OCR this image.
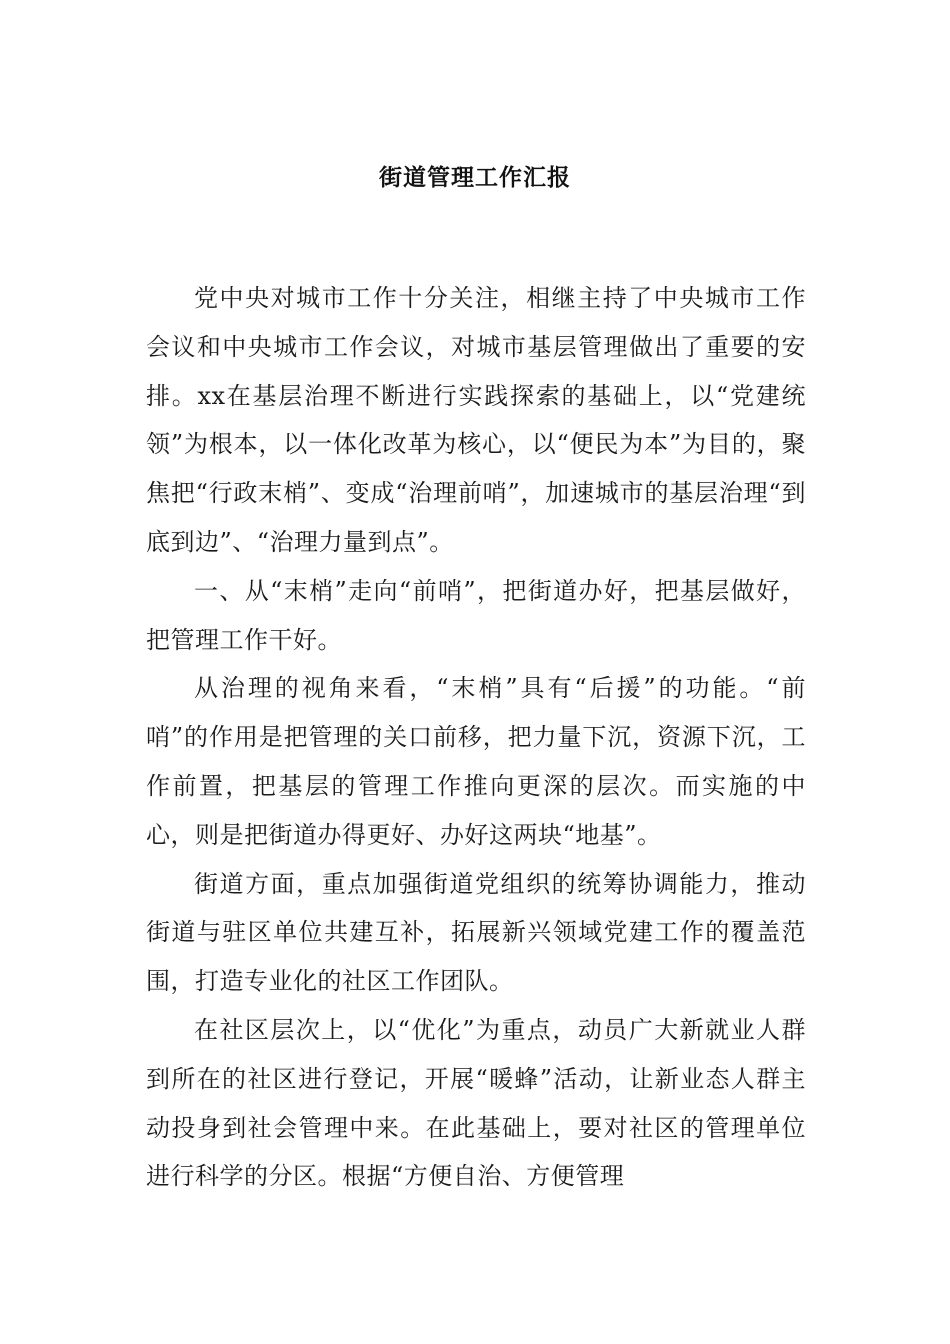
街道管理工作汇报

党中央对城市工作十分关注，相继主持了中央城市工作会议和中央城市工作会议，对城市基层管理做出了重要的安排。xx在基层治理不断进行实践探索的基础上，以“党建统领”为根本，以一体化改革为核心，以“便民为本”为目的，聚焦把“行政末梢”、变成“治理前哨”，加速城市的基层治理“到底到边”、“治理力量到点”。

一、从“末梢”走向“前哨”，把街道办好，把基层做好，把管理工作干好。

从治理的视角来看，“末梢”具有“后援”的功能。“前哨”的作用是把管理的关口前移，把力量下沉，资源下沉，工作前置，把基层的管理工作推向更深的层次。而实施的中心，则是把街道办得更好、办好这两块“地基”。

街道方面，重点加强街道党组织的统筹协调能力，推动街道与驻区单位共建互补，拓展新兴领域党建工作的覆盖范围，打造专业化的社区工作团队。

在社区层次上，以“优化”为重点，动员广大新就业人群到所在的社区进行登记，开展“暖蜂”活动，让新业态人群主动投身到社会管理中来。在此基础上，要对社区的管理单位进行科学的分区。根据“方便自治、方便管理
